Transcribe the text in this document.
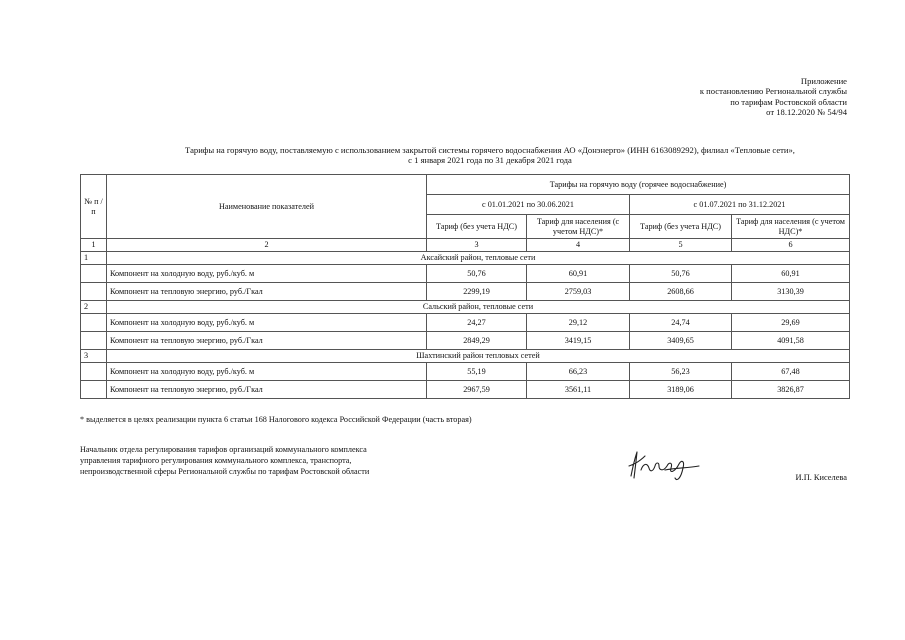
Приложение
к постановлению Региональной службы
по тарифам Ростовской области
от 18.12.2020 № 54/94
Тарифы на горячую воду, поставляемую с использованием закрытой системы горячего водоснабжения АО «Донэнерго» (ИНН 6163089292), филиал «Тепловые сети»,
с 1 января 2021 года по 31 декабря 2021 года
№ п /п	Наименование показателей	Тарифы на горячую воду (горячее водоснабжение)			
		с 01.01.2021 по 30.06.2021		с 01.07.2021 по 31.12.2021	
		Тариф (без учета НДС)	Тариф для населения (с учетом НДС)*	Тариф (без учета НДС)	Тариф для населения (с учетом НДС)*
1	2	3	4	5	6
1	Аксайский район, тепловые сети				
	Компонент на холодную воду, руб./куб. м	50,76	60,91	50,76	60,91
	Компонент на тепловую энергию, руб./Гкал	2299,19	2759,03	2608,66	3130,39
2	Сальский район, тепловые сети				
	Компонент на холодную воду, руб./куб. м	24,27	29,12	24,74	29,69
	Компонент на тепловую энергию, руб./Гкал	2849,29	3419,15	3409,65	4091,58
3	Шахтинский район тепловых сетей				
	Компонент на холодную воду, руб./куб. м	55,19	66,23	56,23	67,48
	Компонент на тепловую энергию, руб./Гкал	2967,59	3561,11	3189,06	3826,87
* выделяется в целях реализации пункта 6 статьи 168 Налогового кодекса Российской Федерации (часть вторая)
Начальник отдела регулирования тарифов организаций коммунального комплекса
управления тарифного регулирования коммунального комплекса, транспорта,
непроизводственной сферы Региональной службы по тарифам Ростовской области
И.П. Киселева
